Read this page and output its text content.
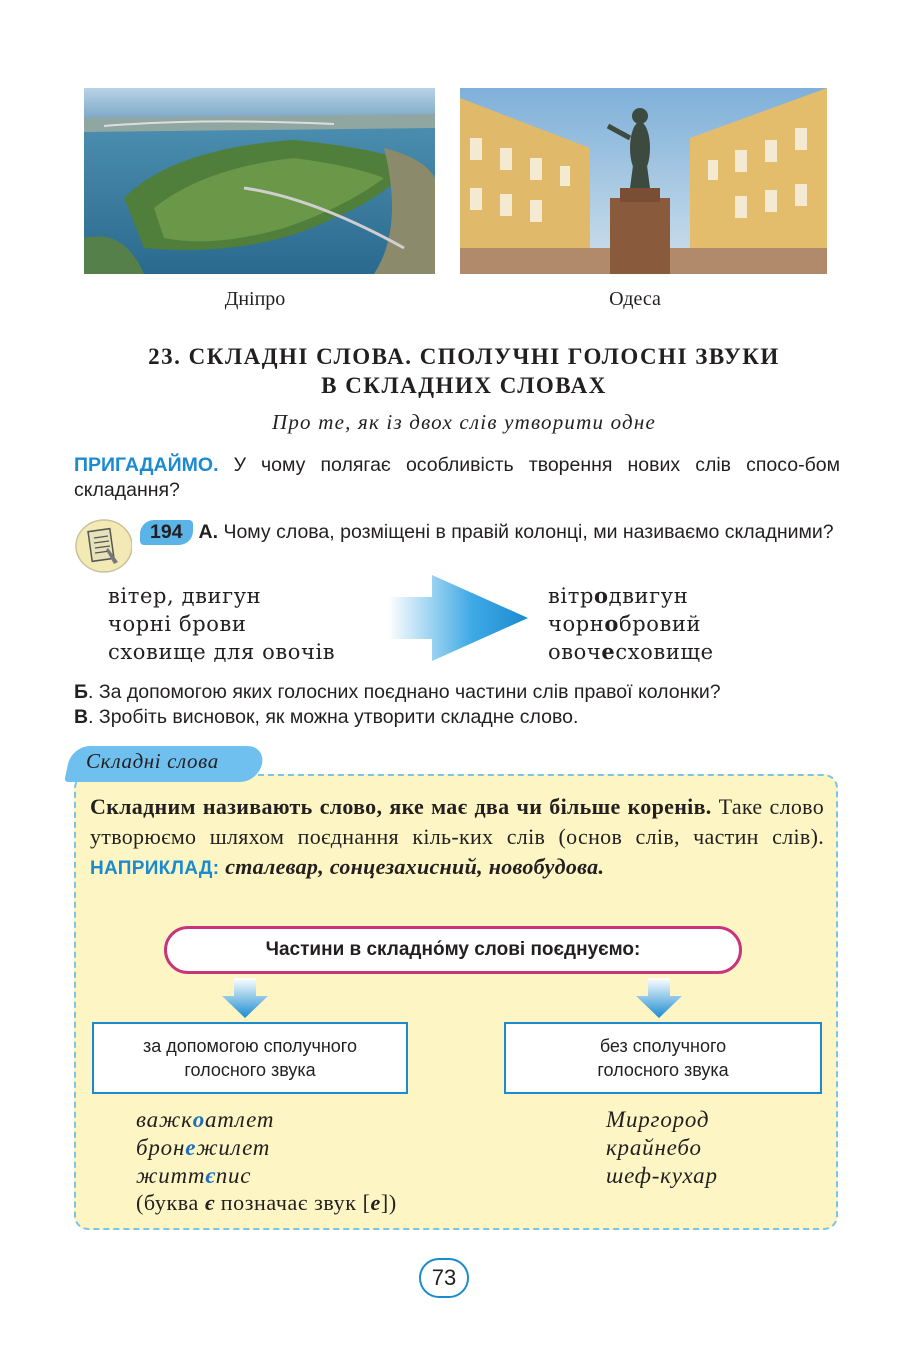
Дніпро	Одеса
23. СКЛАДНІ СЛОВА. СПОЛУЧНІ ГОЛОСНІ ЗВУКИ
В СКЛАДНИХ СЛОВАХ
Про те, як із двох слів утворити одне
ПРИГАДАЙМО. У чому полягає особливість творення нових слів спосо-бом складання?
194 А. Чому слова, розміщені в правій колонці, ми називаємо складними?
вітер, двигун
чорні брови
сховище для овочів
вітродвигун
чорнобровий
овочесховище
Б. За допомогою яких голосних поєднано частини слів правої колонки?
В. Зробіть висновок, як можна утворити складне слово.
Складні слова
Складним називають слово, яке має два чи більше коренів. Таке слово утворюємо шляхом поєднання кіль-ких слів (основ слів, частин слів). НАПРИКЛАД: сталевар, сонцезахисний, новобудова.
Частини в складно́му слові поєднуємо:
за допомогою сполучного
голосного звука
без сполучного
голосного звука
важкоатлет
бронежилет
життєпис
(буква є позначає звук [е])
Миргород
крайнебо
шеф-кухар
73
